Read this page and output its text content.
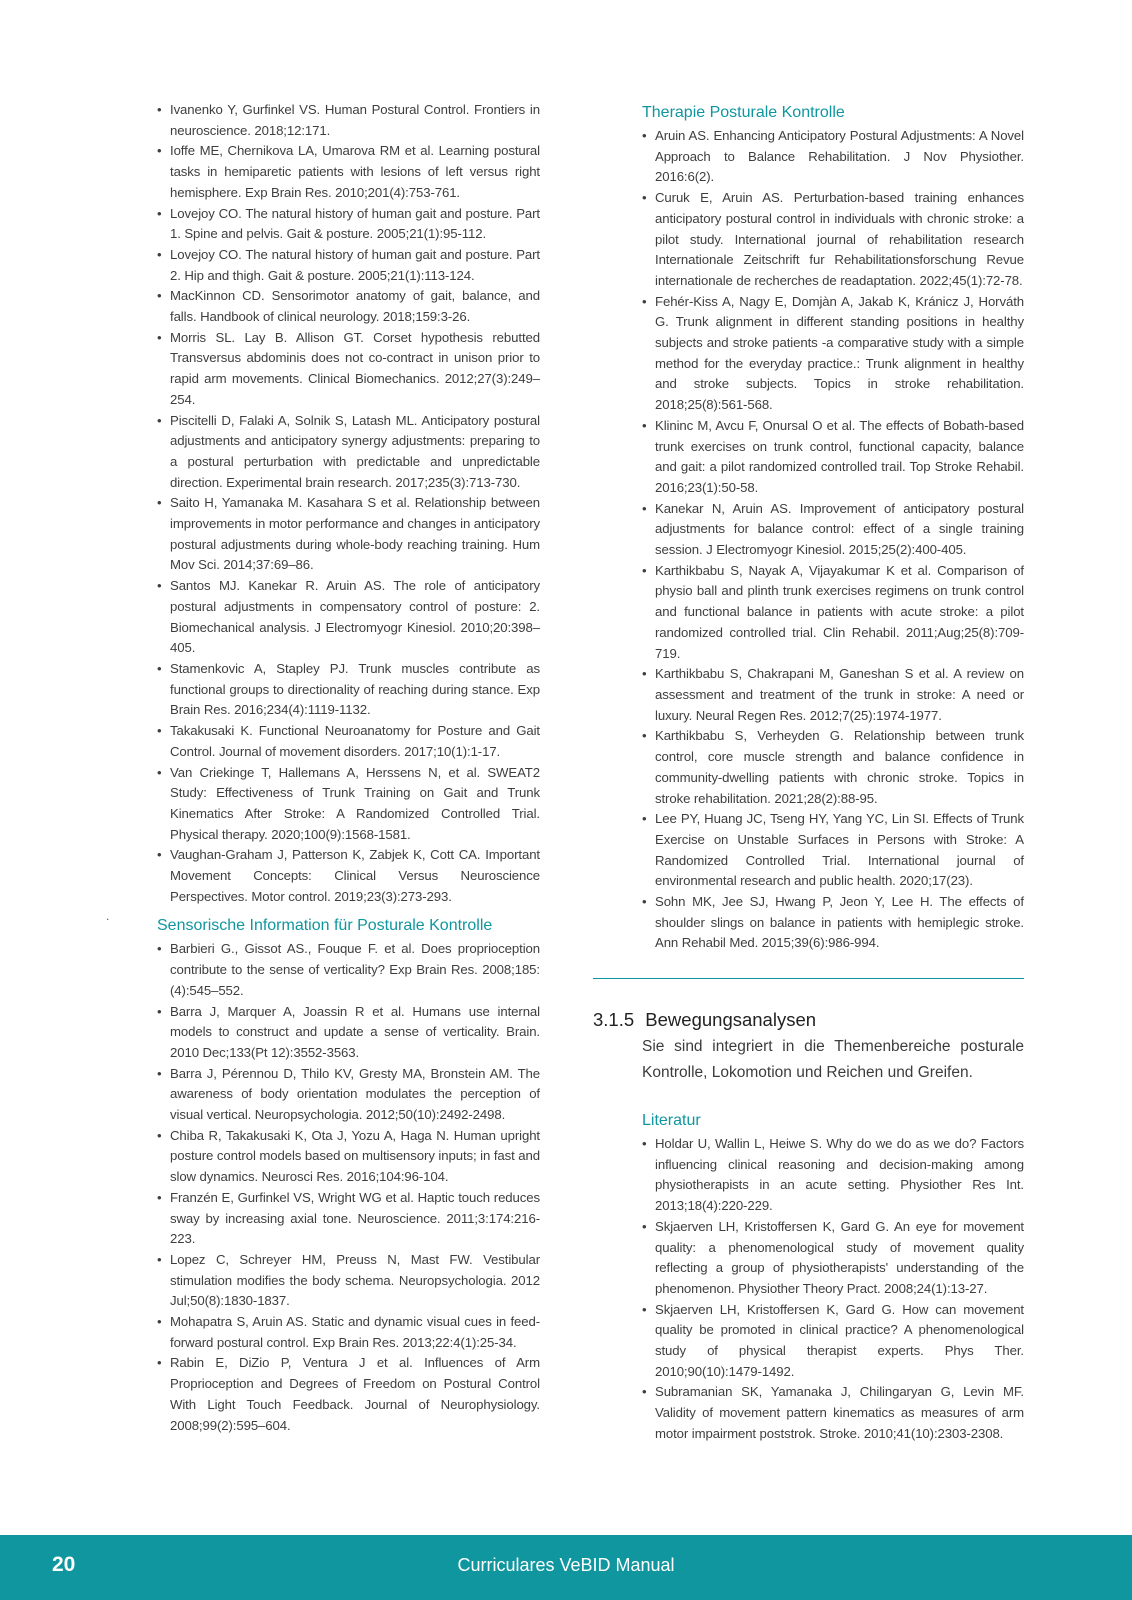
• Ivanenko Y, Gurfinkel VS. Human Postural Control. Frontiers in neuroscience. 2018;12:171.
• Ioffe ME, Chernikova LA, Umarova RM et al. Learning postural tasks in hemiparetic patients with lesions of left versus right hemisphere. Exp Brain Res. 2010;201(4):753-761.
• Lovejoy CO. The natural history of human gait and posture. Part 1. Spine and pelvis. Gait & posture. 2005;21(1):95-112.
• Lovejoy CO. The natural history of human gait and posture. Part 2. Hip and thigh. Gait & posture. 2005;21(1):113-124.
• MacKinnon CD. Sensorimotor anatomy of gait, balance, and falls. Handbook of clinical neurology. 2018;159:3-26.
• Morris SL. Lay B. Allison GT. Corset hypothesis rebutted Transversus abdominis does not co-contract in unison prior to rapid arm movements. Clinical Biomechanics. 2012;27(3):249–254.
• Piscitelli D, Falaki A, Solnik S, Latash ML. Anticipatory postural adjustments and anticipatory synergy adjustments: preparing to a postural perturbation with predictable and unpredictable direction. Experimental brain research. 2017;235(3):713-730.
• Saito H, Yamanaka M. Kasahara S et al. Relationship between improvements in motor performance and changes in anticipatory postural adjustments during whole-body reaching training. Hum Mov Sci. 2014;37:69–86.
• Santos MJ. Kanekar R. Aruin AS. The role of anticipatory postural adjustments in compensatory control of posture: 2. Biomechanical analysis. J Electromyogr Kinesiol. 2010;20:398–405.
• Stamenkovic A, Stapley PJ. Trunk muscles contribute as functional groups to directionality of reaching during stance. Exp Brain Res. 2016;234(4):1119-1132.
• Takakusaki K. Functional Neuroanatomy for Posture and Gait Control. Journal of movement disorders. 2017;10(1):1-17.
• Van Criekinge T, Hallemans A, Herssens N, et al. SWEAT2 Study: Effectiveness of Trunk Training on Gait and Trunk Kinematics After Stroke: A Randomized Controlled Trial. Physical therapy. 2020;100(9):1568-1581.
• Vaughan-Graham J, Patterson K, Zabjek K, Cott CA. Important Movement Concepts: Clinical Versus Neuroscience Perspectives. Motor control. 2019;23(3):273-293.
Sensorische Information für Posturale Kontrolle
• Barbieri G., Gissot AS., Fouque F. et al. Does proprioception contribute to the sense of verticality? Exp Brain Res. 2008;185:(4):545–552.
• Barra J, Marquer A, Joassin R et al. Humans use internal models to construct and update a sense of verticality. Brain. 2010 Dec;133(Pt 12):3552-3563.
• Barra J, Pérennou D, Thilo KV, Gresty MA, Bronstein AM. The awareness of body orientation modulates the perception of visual vertical. Neuropsychologia. 2012;50(10):2492-2498.
• Chiba R, Takakusaki K, Ota J, Yozu A, Haga N. Human upright posture control models based on multisensory inputs; in fast and slow dynamics. Neurosci Res. 2016;104:96-104.
• Franzén E, Gurfinkel VS, Wright WG et al. Haptic touch reduces sway by increasing axial tone. Neuroscience. 2011;3:174:216-223.
• Lopez C, Schreyer HM, Preuss N, Mast FW. Vestibular stimulation modifies the body schema. Neuropsychologia. 2012 Jul;50(8):1830-1837.
• Mohapatra S, Aruin AS. Static and dynamic visual cues in feed-forward postural control. Exp Brain Res. 2013;22:4(1):25-34.
• Rabin E, DiZio P, Ventura J et al. Influences of Arm Proprioception and Degrees of Freedom on Postural Control With Light Touch Feedback. Journal of Neurophysiology. 2008;99(2):595–604.
.
Therapie Posturale Kontrolle
• Aruin AS. Enhancing Anticipatory Postural Adjustments: A Novel Approach to Balance Rehabilitation. J Nov Physiother. 2016:6(2).
• Curuk E, Aruin AS. Perturbation-based training enhances anticipatory postural control in individuals with chronic stroke: a pilot study. International journal of rehabilitation research Internationale Zeitschrift fur Rehabilitationsforschung Revue internationale de recherches de readaptation. 2022;45(1):72-78.
• Fehér-Kiss A, Nagy E, Domjàn A, Jakab K, Kránicz J, Horváth G. Trunk alignment in different standing positions in healthy subjects and stroke patients -a comparative study with a simple method for the everyday practice.: Trunk alignment in healthy and stroke subjects. Topics in stroke rehabilitation. 2018;25(8):561-568.
• Klininc M, Avcu F, Onursal O et al. The effects of Bobath-based trunk exercises on trunk control, functional capacity, balance and gait: a pilot randomized controlled trail. Top Stroke Rehabil. 2016;23(1):50-58.
• Kanekar N, Aruin AS. Improvement of anticipatory postural adjustments for balance control: effect of a single training session. J Electromyogr Kinesiol. 2015;25(2):400-405.
• Karthikbabu S, Nayak A, Vijayakumar K et al. Comparison of physio ball and plinth trunk exercises regimens on trunk control and functional balance in patients with acute stroke: a pilot randomized controlled trial. Clin Rehabil. 2011;Aug;25(8):709-719.
• Karthikbabu S, Chakrapani M, Ganeshan S et al. A review on assessment and treatment of the trunk in stroke: A need or luxury. Neural Regen Res. 2012;7(25):1974-1977.
• Karthikbabu S, Verheyden G. Relationship between trunk control, core muscle strength and balance confidence in community-dwelling patients with chronic stroke. Topics in stroke rehabilitation. 2021;28(2):88-95.
• Lee PY, Huang JC, Tseng HY, Yang YC, Lin SI. Effects of Trunk Exercise on Unstable Surfaces in Persons with Stroke: A Randomized Controlled Trial. International journal of environmental research and public health. 2020;17(23).
• Sohn MK, Jee SJ, Hwang P, Jeon Y, Lee H. The effects of shoulder slings on balance in patients with hemiplegic stroke. Ann Rehabil Med. 2015;39(6):986-994.
3.1.5 Bewegungsanalysen

Sie sind integriert in die Themenbereiche posturale Kontrolle, Lokomotion und Reichen und Greifen.

Literatur
• Holdar U, Wallin L, Heiwe S. Why do we do as we do? Factors influencing clinical reasoning and decision-making among physiotherapists in an acute setting. Physiother Res Int. 2013;18(4):220-229.
• Skjaerven LH, Kristoffersen K, Gard G. An eye for movement quality: a phenomenological study of movement quality reflecting a group of physiotherapists' understanding of the phenomenon. Physiother Theory Pract. 2008;24(1):13-27.
• Skjaerven LH, Kristoffersen K, Gard G. How can movement quality be promoted in clinical practice? A phenomenological study of physical therapist experts. Phys Ther. 2010;90(10):1479-1492.
• Subramanian SK, Yamanaka J, Chilingaryan G, Levin MF. Validity of movement pattern kinematics as measures of arm motor impairment poststrok. Stroke. 2010;41(10):2303-2308.
20	Curriculares VeBID Manual
